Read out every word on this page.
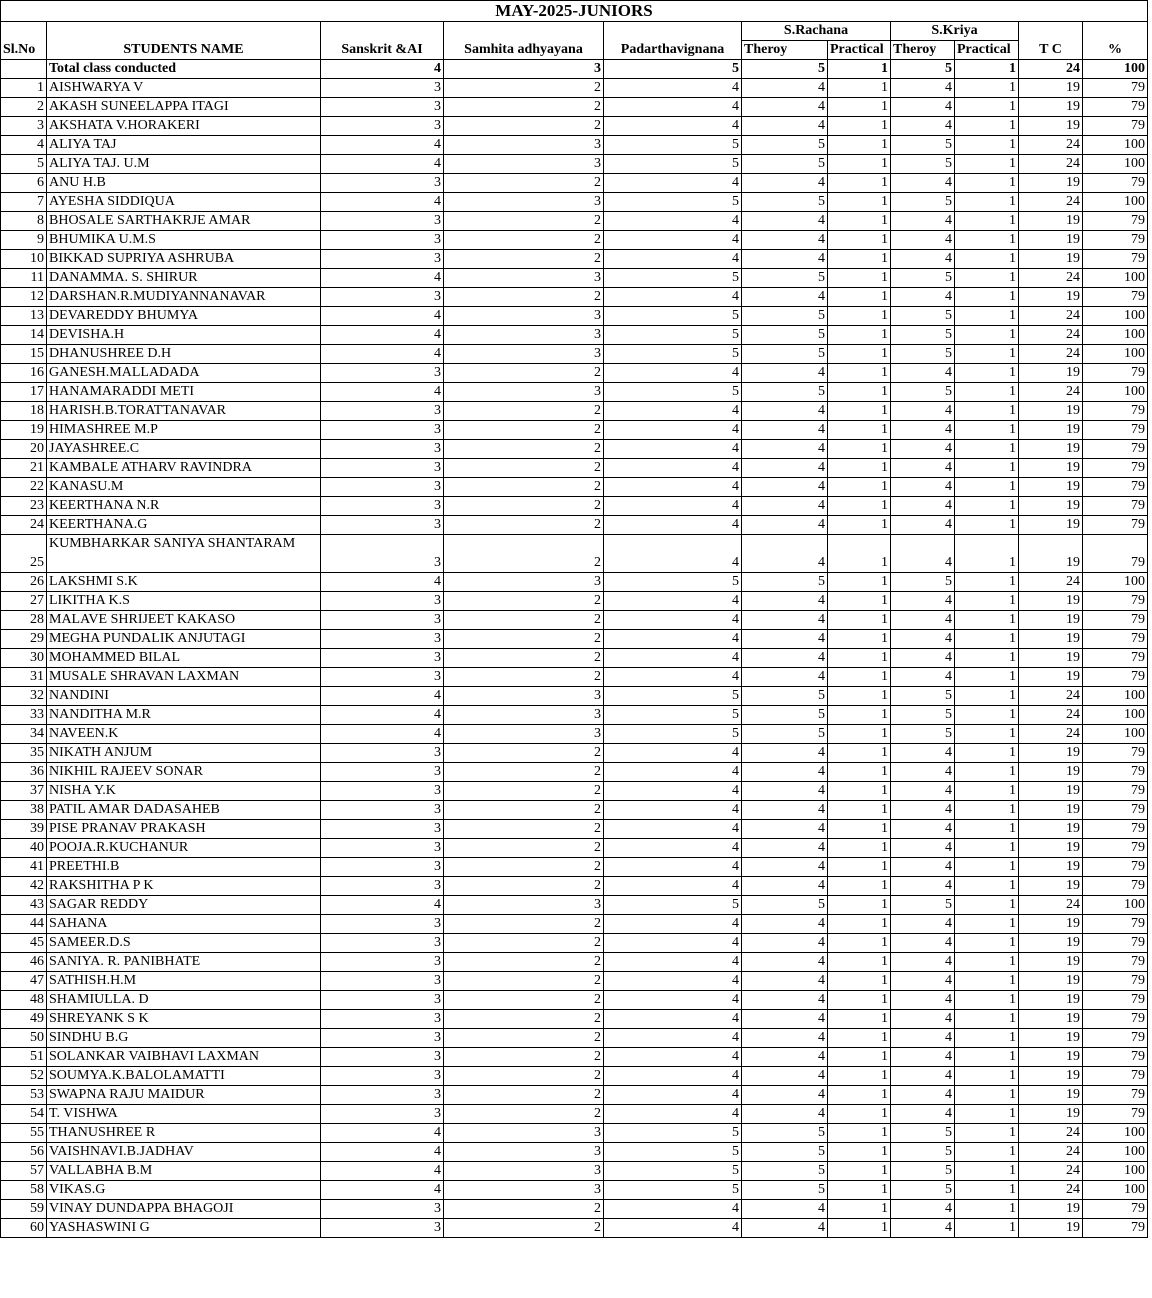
MAY-2025-JUNIORS										
					S.Rachana		S.Kriya			
Sl.No	STUDENTS NAME	Sanskrit &AI	Samhita adhyayana	Padarthavignana	Theroy	Practical	Theroy	Practical	T C	%
	Total class conducted	4	3	5	5	1	5	1	24	100
1	AISHWARYA V	3	2	4	4	1	4	1	19	79
2	AKASH SUNEELAPPA ITAGI	3	2	4	4	1	4	1	19	79
3	AKSHATA V.HORAKERI	3	2	4	4	1	4	1	19	79
4	ALIYA TAJ	4	3	5	5	1	5	1	24	100
5	ALIYA TAJ. U.M	4	3	5	5	1	5	1	24	100
6	ANU H.B	3	2	4	4	1	4	1	19	79
7	AYESHA SIDDIQUA	4	3	5	5	1	5	1	24	100
8	BHOSALE SARTHAKRJE AMAR	3	2	4	4	1	4	1	19	79
9	BHUMIKA U.M.S	3	2	4	4	1	4	1	19	79
10	BIKKAD SUPRIYA ASHRUBA	3	2	4	4	1	4	1	19	79
11	DANAMMA. S. SHIRUR	4	3	5	5	1	5	1	24	100
12	DARSHAN.R.MUDIYANNANAVAR	3	2	4	4	1	4	1	19	79
13	DEVAREDDY BHUMYA	4	3	5	5	1	5	1	24	100
14	DEVISHA.H	4	3	5	5	1	5	1	24	100
15	DHANUSHREE D.H	4	3	5	5	1	5	1	24	100
16	GANESH.MALLADADA	3	2	4	4	1	4	1	19	79
17	HANAMARADDI METI	4	3	5	5	1	5	1	24	100
18	HARISH.B.TORATTANAVAR	3	2	4	4	1	4	1	19	79
19	HIMASHREE M.P	3	2	4	4	1	4	1	19	79
20	JAYASHREE.C	3	2	4	4	1	4	1	19	79
21	KAMBALE ATHARV RAVINDRA	3	2	4	4	1	4	1	19	79
22	KANASU.M	3	2	4	4	1	4	1	19	79
23	KEERTHANA N.R	3	2	4	4	1	4	1	19	79
24	KEERTHANA.G	3	2	4	4	1	4	1	19	79
25	KUMBHARKAR SANIYA SHANTARAM	3	2	4	4	1	4	1	19	79
26	LAKSHMI S.K	4	3	5	5	1	5	1	24	100
27	LIKITHA K.S	3	2	4	4	1	4	1	19	79
28	MALAVE SHRIJEET KAKASO	3	2	4	4	1	4	1	19	79
29	MEGHA PUNDALIK ANJUTAGI	3	2	4	4	1	4	1	19	79
30	MOHAMMED BILAL	3	2	4	4	1	4	1	19	79
31	MUSALE SHRAVAN LAXMAN	3	2	4	4	1	4	1	19	79
32	NANDINI	4	3	5	5	1	5	1	24	100
33	NANDITHA M.R	4	3	5	5	1	5	1	24	100
34	NAVEEN.K	4	3	5	5	1	5	1	24	100
35	NIKATH ANJUM	3	2	4	4	1	4	1	19	79
36	NIKHIL RAJEEV SONAR	3	2	4	4	1	4	1	19	79
37	NISHA Y.K	3	2	4	4	1	4	1	19	79
38	PATIL AMAR DADASAHEB	3	2	4	4	1	4	1	19	79
39	PISE PRANAV PRAKASH	3	2	4	4	1	4	1	19	79
40	POOJA.R.KUCHANUR	3	2	4	4	1	4	1	19	79
41	PREETHI.B	3	2	4	4	1	4	1	19	79
42	RAKSHITHA P K	3	2	4	4	1	4	1	19	79
43	SAGAR REDDY	4	3	5	5	1	5	1	24	100
44	SAHANA	3	2	4	4	1	4	1	19	79
45	SAMEER.D.S	3	2	4	4	1	4	1	19	79
46	SANIYA. R. PANIBHATE	3	2	4	4	1	4	1	19	79
47	SATHISH.H.M	3	2	4	4	1	4	1	19	79
48	SHAMIULLA. D	3	2	4	4	1	4	1	19	79
49	SHREYANK S K	3	2	4	4	1	4	1	19	79
50	SINDHU B.G	3	2	4	4	1	4	1	19	79
51	SOLANKAR VAIBHAVI LAXMAN	3	2	4	4	1	4	1	19	79
52	SOUMYA.K.BALOLAMATTI	3	2	4	4	1	4	1	19	79
53	SWAPNA RAJU MAIDUR	3	2	4	4	1	4	1	19	79
54	T. VISHWA	3	2	4	4	1	4	1	19	79
55	THANUSHREE R	4	3	5	5	1	5	1	24	100
56	VAISHNAVI.B.JADHAV	4	3	5	5	1	5	1	24	100
57	VALLABHA B.M	4	3	5	5	1	5	1	24	100
58	VIKAS.G	4	3	5	5	1	5	1	24	100
59	VINAY DUNDAPPA BHAGOJI	3	2	4	4	1	4	1	19	79
60	YASHASWINI G	3	2	4	4	1	4	1	19	79
